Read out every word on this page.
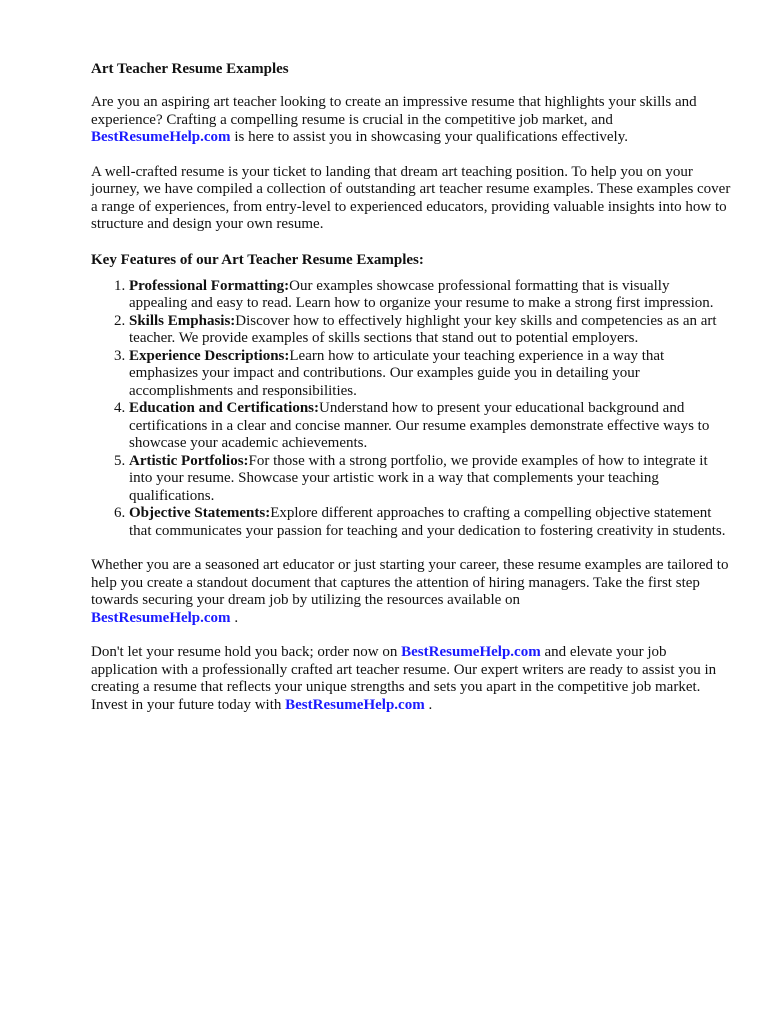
Art Teacher Resume Examples

Are you an aspiring art teacher looking to create an impressive resume that highlights your skills and experience? Crafting a compelling resume is crucial in the competitive job market, and BestResumeHelp.com is here to assist you in showcasing your qualifications effectively.

A well-crafted resume is your ticket to landing that dream art teaching position. To help you on your journey, we have compiled a collection of outstanding art teacher resume examples. These examples cover a range of experiences, from entry-level to experienced educators, providing valuable insights into how to structure and design your own resume.

Key Features of our Art Teacher Resume Examples:
1. Professional Formatting:Our examples showcase professional formatting that is visually appealing and easy to read. Learn how to organize your resume to make a strong first impression.
2. Skills Emphasis:Discover how to effectively highlight your key skills and competencies as an art teacher. We provide examples of skills sections that stand out to potential employers.
3. Experience Descriptions:Learn how to articulate your teaching experience in a way that emphasizes your impact and contributions. Our examples guide you in detailing your accomplishments and responsibilities.
4. Education and Certifications:Understand how to present your educational background and certifications in a clear and concise manner. Our resume examples demonstrate effective ways to showcase your academic achievements.
5. Artistic Portfolios:For those with a strong portfolio, we provide examples of how to integrate it into your resume. Showcase your artistic work in a way that complements your teaching qualifications.
6. Objective Statements:Explore different approaches to crafting a compelling objective statement that communicates your passion for teaching and your dedication to fostering creativity in students.

Whether you are a seasoned art educator or just starting your career, these resume examples are tailored to help you create a standout document that captures the attention of hiring managers. Take the first step towards securing your dream job by utilizing the resources available on
BestResumeHelp.com .

Don't let your resume hold you back; order now on BestResumeHelp.com and elevate your job application with a professionally crafted art teacher resume. Our expert writers are ready to assist you in creating a resume that reflects your unique strengths and sets you apart in the competitive job market. Invest in your future today with BestResumeHelp.com .
